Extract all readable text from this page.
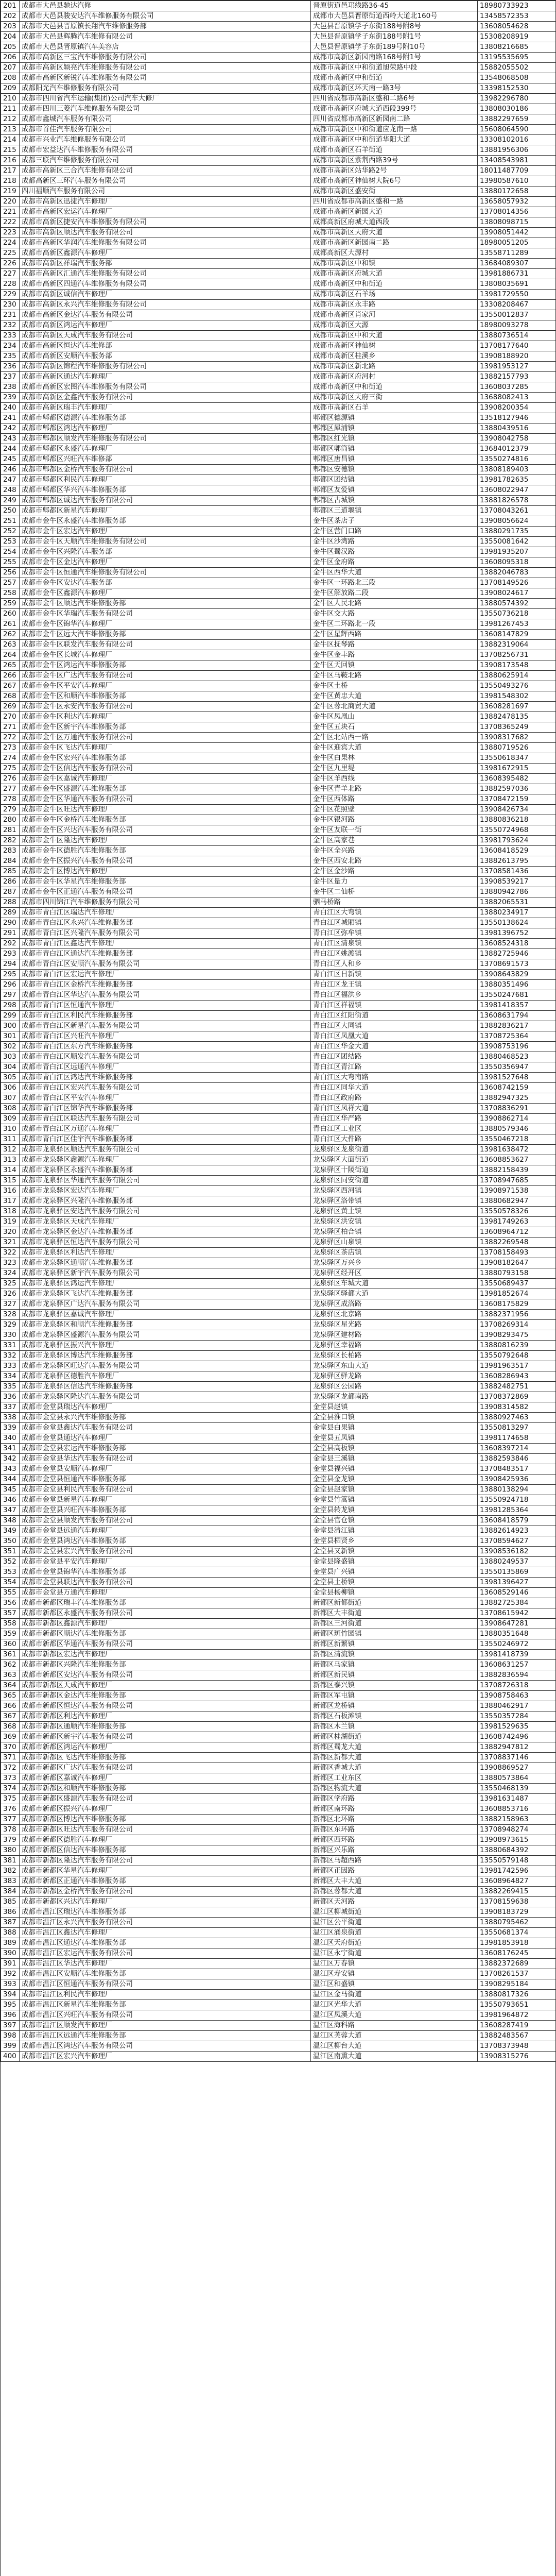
201	成都市大邑县驰达汽修	晋原街道邑邛线路36-45	18980733923
202	成都市大邑县骏安达汽车维修服务有限公司	成都市大邑县晋原街道西岭大道北160号	13458572353
203	成都市大邑县晋原镇长翔汽车维修服务部	大邑县晋原镇学子东街188号附8号	13608054628
204	成都市大邑县辉腾汽车维修有限公司	大邑县晋原镇学子东街188号附1号	15308208919
205	成都市大邑县晋原镇汽车美容店	大邑县晋原镇学子东街189号附10号	13808216685
206	成都市高新区三宝汽车维修服务有限公司	成都市高新区新园南路168号附1号	13195535695
207	成都市高新区颖亮汽车维修服务有限公司	成都市高新区中和街道旭荣路中段	15882055502
208	成都市高新区新锐汽车维修服务有限公司	成都市高新区中和街道	13548068508
209	成都阳光汽车维修服务有限公司	成都市高新区环天南一路3号	13398152530
210	成都市四川省汽车运输(集团)公司汽车大修厂	四川省成都市高新区盛和二路6号	13982296780
211	成都市四川三菱汽车维修服务有限公司	成都市高新区府城大道西段399号	13808030186
212	成都市鑫城汽车服务有限公司	四川省成都市高新区新园南二路	13882297659
213	成都市首佳汽车服务有限公司	成都市高新区中和街道应龙南一路	15608064590
214	成都市兴业汽车维修服务有限公司	成都市高新区中和街道华阳大道	13308102016
215	成都市宏益达汽车维修服务有限公司	成都市高新区石羊街道	13881956306
216	成都三联汽车维修服务有限公司	成都市高新区紫荆西路39号	13408543981
217	成都市高新区三合汽车维修有限公司	成都市高新区站华路2号	18011487709
218	成都高新区三环汽车服务有限公司	成都市高新区神仙树大院6号	13980587610
219	四川福顺汽车服务有限公司	成都市高新区盛安街	13880172658
220	成都市高新区迅捷汽车修理厂	四川省成都市高新区盛和一路	13658057932
221	成都市高新区宏运汽车修理厂	成都市高新区新园大道	13708014356
222	成都市高新区捷安汽车维修服务有限公司	成都高新区府城大道西段	13808098715
223	成都市高新区顺达汽车服务有限公司	成都市高新区天府大道	13908051442
224	成都市高新区华润汽车维修服务有限公司	成都市高新区新园南二路	18980051205
225	成都市高新区鑫源汽车修理厂	成都高新区大源村	13558711289
226	成都市高新区祥瑞汽车服务部	成都市高新区中和镇	13684089307
227	成都市高新区汇通汽车维修服务有限公司	成都市高新区府城大道	13981886731
228	成都市高新区四通汽车维修服务有限公司	成都市高新区中和街道	13808035691
229	成都市高新区诚信汽车修理厂	成都市高新区石羊场	13981729550
230	成都市高新区永兴汽车维修服务有限公司	成都市高新区永丰路	13308208467
231	成都市高新区金达汽车服务有限公司	成都市高新区肖家河	13550012837
232	成都市高新区鸿运汽车修理厂	成都市高新区大源	18980093278
233	成都市高新区天成汽车服务有限公司	成都市高新区中和大道	13880736514
234	成都市高新区恒达汽车维修部	成都市高新区神仙树	13708177640
235	成都市高新区安顺汽车服务部	成都市高新区桂溪乡	13908188920
236	成都市高新区锦程汽车维修服务有限公司	成都市高新区新北路	13981953127
237	成都市高新区通达汽车修理厂	成都市高新区府河村	13882157793
238	成都市高新区宏图汽车维修服务有限公司	成都市高新区中和街道	13608037285
239	成都市高新区金鑫汽车服务有限公司	成都市高新区天府三街	13688082413
240	成都市高新区瑞丰汽车修理厂	成都市高新区石羊	13908200354
241	成都市郫都区德源汽车维修服务部	郫都区德源镇	13518127946
242	成都市郫都区鸿达汽车修理厂	郫都区犀浦镇	13880439516
243	成都市郫都区顺发汽车维修服务有限公司	郫都区红光镇	13908042758
244	成都市郫都区永盛汽车修理厂	郫都区郫筒镇	13684012379
245	成都市郫都区兴旺汽车维修部	郫都区唐昌镇	13550274816
246	成都市郫都区金桥汽车服务有限公司	郫都区安德镇	13808189403
247	成都市郫都区利民汽车修理厂	郫都区团结镇	13981782635
248	成都市郫都区华兴汽车维修服务部	郫都区友爱镇	13608022947
249	成都市郫都区诚达汽车服务有限公司	郫都区古城镇	13881826578
250	成都市郫都区新星汽车修理厂	郫都区三道堰镇	13708043261
251	成都市金牛区永盛汽车维修服务部	金牛区茶店子	13908056624
252	成都市金牛区宏达汽车修理厂	金牛区营门口路	13880291735
253	成都市金牛区天顺汽车维修服务有限公司	金牛区沙湾路	13550081642
254	成都市金牛区兴隆汽车服务部	金牛区蜀汉路	13981935207
255	成都市金牛区金达汽车修理厂	金牛区金府路	13608095318
256	成都市金牛区恒通汽车维修服务有限公司	金牛区西华大道	13882046783
257	成都市金牛区安达汽车服务部	金牛区一环路北三段	13708149526
258	成都市金牛区鑫源汽车修理厂	金牛区解放路二段	13908024617
259	成都市金牛区顺达汽车维修服务部	金牛区人民北路	13880574392
260	成都市金牛区华瑞汽车服务有限公司	金牛区交大路	13550736218
261	成都市金牛区锦华汽车修理厂	金牛区二环路北一段	13981267453
262	成都市金牛区远大汽车维修服务部	金牛区星辉西路	13608147829
263	成都市金牛区联发汽车服务有限公司	金牛区抚琴路	13882319064
264	成都市金牛区长城汽车修理厂	金牛区金丰路	13708256731
265	成都市金牛区鸿运汽车维修服务部	金牛区天回镇	13908173548
266	成都市金牛区广达汽车服务有限公司	金牛区马鞍北路	13880625914
267	成都市金牛区平安汽车修理厂	金牛区土桥	13550493276
268	成都市金牛区和顺汽车维修服务部	金牛区黄忠大道	13981548302
269	成都市金牛区永安汽车服务有限公司	金牛区蓉北商贸大道	13608281697
270	成都市金牛区利达汽车修理厂	金牛区凤凰山	13882478135
271	成都市金牛区新宇汽车维修服务部	金牛区五块石	13708365249
272	成都市金牛区万通汽车服务有限公司	金牛区北站西一路	13908317682
273	成都市金牛区飞达汽车修理厂	金牛区迎宾大道	13880719526
274	成都市金牛区宏兴汽车维修服务部	金牛区白果林	13550618347
275	成都市金牛区信达汽车服务有限公司	金牛区九里堤	13981672915
276	成都市金牛区嘉诚汽车修理厂	金牛区羊西线	13608395482
277	成都市金牛区盛源汽车维修服务部	金牛区青羊北路	13882597036
278	成都市金牛区华通汽车服务有限公司	金牛区西体路	13708472159
279	成都市金牛区旺达汽车修理厂	金牛区花照壁	13908426734
280	成都市金牛区金桥汽车维修服务部	金牛区银河路	13880836218
281	成都市金牛区兴达汽车服务有限公司	金牛区友联一街	13550724968
282	成都市金牛区隆达汽车修理厂	金牛区高家巷	13981793624
283	成都市金牛区德胜汽车维修服务部	金牛区全兴路	13608418529
284	成都市金牛区振兴汽车服务有限公司	金牛区西安北路	13882613795
285	成都市金牛区博达汽车修理厂	金牛区金沙路	13708581436
286	成都市金牛区华星汽车维修服务部	金牛区量力	13908539217
287	成都市金牛区正通汽车服务有限公司	金牛区二仙桥	13880942786
288	成都市四川锦江汽车维修服务有限公司	驷马桥路	13882065531
289	成都市青白江区瑞达汽车修理厂	青白江区大弯镇	13880234917
290	成都市青白江区永兴汽车维修服务部	青白江区城厢镇	13550138624
291	成都市青白江区兴隆汽车服务有限公司	青白江区弥牟镇	13981396752
292	成都市青白江区鑫达汽车修理厂	青白江区清泉镇	13608524318
293	成都市青白江区通达汽车维修服务部	青白江区姚渡镇	13882725946
294	成都市青白江区安顺汽车服务有限公司	青白江区人和乡	13708691573
295	成都市青白江区宏运汽车修理厂	青白江区日新镇	13908643829
296	成都市青白江区金桥汽车维修服务部	青白江区龙王镇	13880351496
297	成都市青白江区华达汽车服务有限公司	青白江区福洪乡	13550247681
298	成都市青白江区恒通汽车修理厂	青白江区祥福镇	13981418357
299	成都市青白江区利民汽车维修服务部	青白江区红阳街道	13608631794
300	成都市青白江区新星汽车服务有限公司	青白江区大同镇	13882836217
301	成都市青白江区兴旺汽车修理厂	青白江区凤凰大道	13708725364
302	成都市青白江区东方汽车维修服务部	青白江区华金大道	13908753196
303	成都市青白江区顺发汽车服务有限公司	青白江区团结路	13880468523
304	成都市青白江区远通汽车修理厂	青白江区青江路	13550356947
305	成都市青白江区鸿达汽车维修服务部	青白江区大弯南路	13981527648
306	成都市青白江区宏兴汽车服务有限公司	青白江区同华大道	13608742159
307	成都市青白江区平安汽车修理厂	青白江区政府路	13882947325
308	成都市青白江区锦华汽车维修服务部	青白江区凤祥大道	13708836291
309	成都市青白江区联达汽车服务有限公司	青白江区华严路	13908862714
310	成都市青白江区万通汽车修理厂	青白江区工业区	13880579346
311	成都市青白江区佳宇汽车维修服务部	青白江区大件路	13550467218
312	成都市龙泉驿区顺达汽车服务有限公司	龙泉驿区龙泉街道	13981638472
313	成都市龙泉驿区鑫源汽车修理厂	龙泉驿区大面街道	13608853627
314	成都市龙泉驿区永盛汽车维修服务部	龙泉驿区十陵街道	13882158439
315	成都市龙泉驿区华通汽车服务有限公司	龙泉驿区同安街道	13708947685
316	成都市龙泉驿区宏达汽车修理厂	龙泉驿区西河镇	13908971538
317	成都市龙泉驿区兴隆汽车维修服务部	龙泉驿区洛带镇	13880682947
318	成都市龙泉驿区安达汽车服务有限公司	龙泉驿区黄土镇	13550578326
319	成都市龙泉驿区天成汽车修理厂	龙泉驿区洪安镇	13981749263
320	成都市龙泉驿区金达汽车维修服务部	龙泉驿区柏合镇	13608964712
321	成都市龙泉驿区恒达汽车服务有限公司	龙泉驿区山泉镇	13882269548
322	成都市龙泉驿区利达汽车修理厂	龙泉驿区茶店镇	13708158493
323	成都市龙泉驿区通顺汽车维修服务部	龙泉驿区万兴乡	13908182647
324	成都市龙泉驿区新宇汽车服务有限公司	龙泉驿区经开区	13880793158
325	成都市龙泉驿区鸿运汽车修理厂	龙泉驿区车城大道	13550689437
326	成都市龙泉驿区飞达汽车维修服务部	龙泉驿区驿都大道	13981852674
327	成都市龙泉驿区广达汽车服务有限公司	龙泉驿区成洛路	13608175829
328	成都市龙泉驿区嘉诚汽车修理厂	龙泉驿区北京路	13882371956
329	成都市龙泉驿区和顺汽车维修服务部	龙泉驿区星光路	13708269314
330	成都市龙泉驿区盛源汽车服务有限公司	龙泉驿区建材路	13908293475
331	成都市龙泉驿区振兴汽车修理厂	龙泉驿区幸福路	13880816239
332	成都市龙泉驿区博达汽车维修服务部	龙泉驿区长柏路	13550792648
333	成都市龙泉驿区旺达汽车服务有限公司	龙泉驿区东山大道	13981963517
334	成都市龙泉驿区德胜汽车修理厂	龙泉驿区驿龙路	13608286943
335	成都市龙泉驿区信达汽车维修服务部	龙泉驿区公园路	13882482751
336	成都市龙泉驿区隆达汽车服务有限公司	龙泉驿区龙都南路	13708372869
337	成都市金堂县瑞达汽车修理厂	金堂县赵镇	13908314582
338	成都市金堂县永兴汽车维修服务部	金堂县淮口镇	13880927463
339	成都市金堂县鑫达汽车服务有限公司	金堂县白果镇	13550813297
340	成都市金堂县通达汽车修理厂	金堂县五凤镇	13981174658
341	成都市金堂县宏运汽车维修服务部	金堂县高板镇	13608397214
342	成都市金堂县华达汽车服务有限公司	金堂县三溪镇	13882593846
343	成都市金堂县安顺汽车修理厂	金堂县福兴镇	13708483517
344	成都市金堂县恒通汽车维修服务部	金堂县金龙镇	13908425936
345	成都市金堂县利民汽车服务有限公司	金堂县赵家镇	13880138294
346	成都市金堂县新星汽车修理厂	金堂县竹篙镇	13550924718
347	成都市金堂县兴旺汽车维修服务部	金堂县转龙镇	13981285364
348	成都市金堂县顺发汽车服务有限公司	金堂县官仓镇	13608418579
349	成都市金堂县远通汽车修理厂	金堂县清江镇	13882614923
350	成都市金堂县鸿达汽车维修服务部	金堂县栖贤乡	13708594627
351	成都市金堂县宏兴汽车服务有限公司	金堂县又新镇	13908536182
352	成都市金堂县平安汽车修理厂	金堂县隆盛镇	13880249537
353	成都市金堂县锦华汽车维修服务部	金堂县广兴镇	13550135869
354	成都市金堂县联达汽车服务有限公司	金堂县土桥镇	13981396427
355	成都市金堂县万通汽车修理厂	金堂县杨柳镇	13608529146
356	成都市新都区瑞丰汽车维修服务部	新都区新都街道	13882725384
357	成都市新都区永盛汽车服务有限公司	新都区大丰街道	13708615942
358	成都市新都区鑫源汽车修理厂	新都区三河街道	13908647281
359	成都市新都区顺达汽车维修服务部	新都区斑竹园镇	13880351648
360	成都市新都区华通汽车服务有限公司	新都区新繁镇	13550246972
361	成都市新都区宏达汽车修理厂	新都区清流镇	13981418739
362	成都市新都区兴隆汽车维修服务部	新都区马家镇	13608631257
363	成都市新都区安达汽车服务有限公司	新都区新民镇	13882836594
364	成都市新都区天成汽车修理厂	新都区泰兴镇	13708726318
365	成都市新都区金达汽车维修服务部	新都区军屯镇	13908758463
366	成都市新都区恒达汽车服务有限公司	新都区龙桥镇	13880462917
367	成都市新都区利达汽车修理厂	新都区石板滩镇	13550357284
368	成都市新都区通顺汽车维修服务部	新都区木兰镇	13981529635
369	成都市新都区新宇汽车服务有限公司	新都区桂湖街道	13608742496
370	成都市新都区鸿运汽车修理厂	新都区蜀龙大道	13882947812
371	成都市新都区飞达汽车维修服务部	新都区新都大道	13708837146
372	成都市新都区广达汽车服务有限公司	新都区香城大道	13908869527
373	成都市新都区嘉诚汽车修理厂	新都区工业东区	13880573864
374	成都市新都区和顺汽车维修服务部	新都区物流大道	13550468139
375	成都市新都区盛源汽车服务有限公司	新都区学府路	13981631487
376	成都市新都区振兴汽车修理厂	新都区南环路	13608853716
377	成都市新都区博达汽车维修服务部	新都区北环路	13882158963
378	成都市新都区旺达汽车服务有限公司	新都区东环路	13708948274
379	成都市新都区德胜汽车修理厂	新都区西环路	13908973615
380	成都市新都区信达汽车维修服务部	新都区兴乐路	13880684392
381	成都市新都区隆达汽车服务有限公司	新都区马超西路	13550579148
382	成都市新都区华星汽车修理厂	新都区正因路	13981742596
383	成都市新都区正通汽车维修服务部	新都区大丰大道	13608964827
384	成都市新都区金桥汽车服务有限公司	新都区蓉都大道	13882269415
385	成都市新都区兴达汽车修理厂	新都区天河路	13708159638
386	成都市温江区瑞达汽车维修服务部	温江区柳城街道	13908183729
387	成都市温江区永兴汽车服务有限公司	温江区公平街道	13880795462
388	成都市温江区鑫达汽车修理厂	温江区涌泉街道	13550681374
389	成都市温江区通达汽车维修服务部	温江区天府街道	13981853918
390	成都市温江区宏运汽车服务有限公司	温江区永宁街道	13608176245
391	成都市温江区华达汽车修理厂	温江区万春镇	13882372689
392	成都市温江区安顺汽车维修服务部	温江区寿安镇	13708261537
393	成都市温江区恒通汽车服务有限公司	温江区和盛镇	13908295184
394	成都市温江区利民汽车修理厂	温江区金马街道	13880817326
395	成都市温江区新星汽车维修服务部	温江区光华大道	13550793651
396	成都市温江区兴旺汽车服务有限公司	温江区凤溪大道	13981964872
397	成都市温江区顺发汽车修理厂	温江区海科路	13608287419
398	成都市温江区远通汽车维修服务部	温江区芙蓉大道	13882483567
399	成都市温江区鸿达汽车服务有限公司	温江区柳台大道	13708373948
400	成都市温江区宏兴汽车修理厂	温江区南熏大道	13908315276
